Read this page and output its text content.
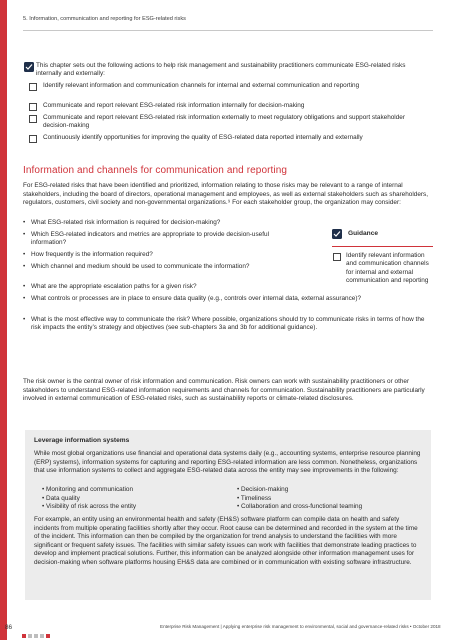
5. Information, communication and reporting for ESG-related risks
This chapter sets out the following actions to help risk management and sustainability practitioners communicate ESG-related risks internally and externally:
Identify relevant information and communication channels for internal and external communication and reporting
Communicate and report relevant ESG-related risk information internally for decision-making
Communicate and report relevant ESG-related risk information externally to meet regulatory obligations and support stakeholder decision-making
Continuously identify opportunities for improving the quality of ESG-related data reported internally and externally
Information and channels for communication and reporting
For ESG-related risks that have been identified and prioritized, information relating to those risks may be relevant to a range of internal stakeholders, including the board of directors, operational management and employees, as well as external stakeholders such as shareholders, regulators, customers, civil society and non-governmental organizations.⁹ For each stakeholder group, the organization may consider:
What ESG-related risk information is required for decision-making?
Which ESG-related indicators and metrics are appropriate to provide decision-useful information?
How frequently is the information required?
Which channel and medium should be used to communicate the information?
What are the appropriate escalation paths for a given risk?
What controls or processes are in place to ensure data quality (e.g., controls over internal data, external assurance)?
What is the most effective way to communicate the risk? Where possible, organizations should try to communicate risks in terms of how the risk impacts the entity’s strategy and objectives (see sub-chapters 3a and 3b for additional guidance).
Guidance
Identify relevant information and communication channels for internal and external communication and reporting
The risk owner is the central owner of risk information and communication. Risk owners can work with sustainability practitioners or other stakeholders to understand ESG-related information requirements and channels for communication. Sustainability practitioners are particularly involved in external communication of ESG-related risks, such as sustainability reports or climate-related disclosures.
Leverage information systems
While most global organizations use financial and operational data systems daily (e.g., accounting systems, enterprise resource planning (ERP) systems), information systems for capturing and reporting ESG-related information are less common. Nonetheless, organizations that use information systems to collect and aggregate ESG-related data across the entity may see improvements in the following:
• Monitoring and communication
• Data quality
• Visibility of risk across the entity
• Decision-making
• Timeliness
• Collaboration and cross-functional teaming
For example, an entity using an environmental health and safety (EH&S) software platform can compile data on health and safety incidents from multiple operating facilities shortly after they occur. Root cause can be determined and recorded in the system at the time of the incident. This information can then be compiled by the organization for trend analysis to understand the facilities with more significant or frequent safety issues. The facilities with similar safety issues can work with facilities that demonstrate leading practices to develop and implement practical solutions. Further, this information can be analyzed alongside other information management uses for decision-making when software platforms housing EH&S data are combined or in communication with existing software infrastructure.
86	Enterprise Risk Management | Applying enterprise risk management to environmental, social and governance-related risks • October 2018
